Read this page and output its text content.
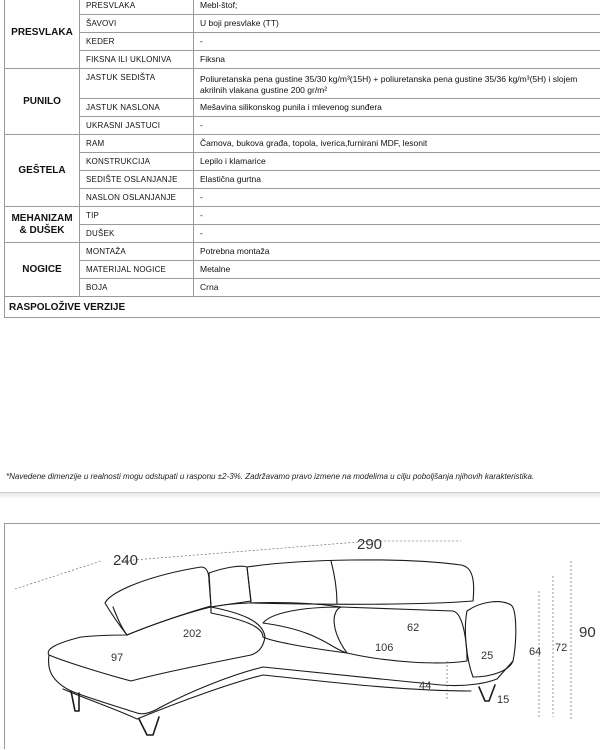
PRESVLAKA	PRESVLAKA	Mebl-štof;
	ŠAVOVI	U boji presvlake (TT)
	KEDER	-
	FIKSNA ILI UKLONIVA	Fiksna
PUNILO	JASTUK SEDIŠTA	Poliuretanska pena gustine 35/30 kg/m³(15H) + poliuretanska pena gustine 35/36 kg/m³(5H) i slojem akrilnih vlakana gustine 200 gr/m²
	JASTUK NASLONA	Mešavina silikonskog punila i mlevenog sunđera
	UKRASNI JASTUCI	-
GEŠTELA	RAM	Čamova, bukova građa, topola, iverica,furnirani MDF, lesonit
	KONSTRUKCIJA	Lepilo i klamarice
	SEDIŠTE OSLANJANJE	Elastična gurtna
	NASLON OSLANJANJE	-
MEHANIZAM & DUŠEK	TIP	-
	DUŠEK	-
NOGICE	MONTAŽA	Potrebna montaža
	MATERIJAL NOGICE	Metalne
	BOJA	Crna
RASPOLOŽIVE VERZIJE		
*Navedene dimenzije u realnosti mogu odstupati u rasponu ±2-3%. Zadržavamo pravo izmene na modelima u cilju poboljšanja njihovih karakteristika.
240
290
202
97
62
106
25
44
15
64 72
90
